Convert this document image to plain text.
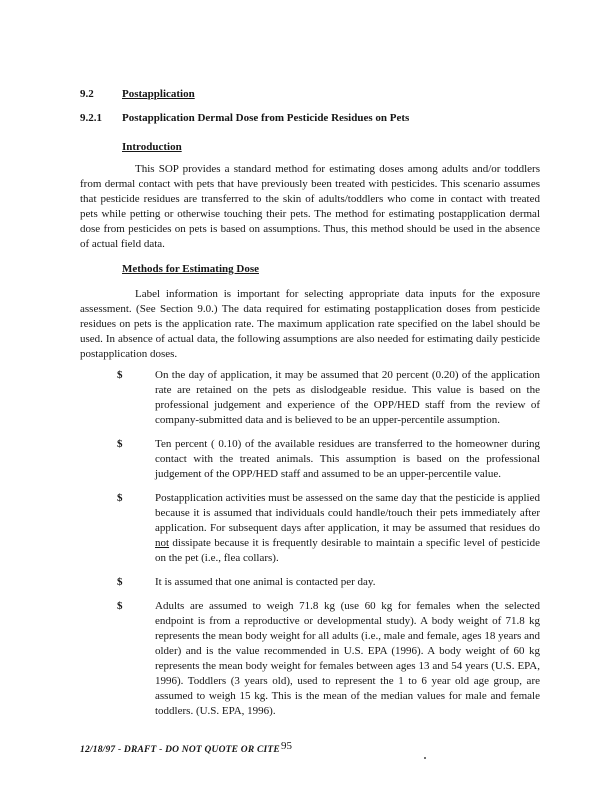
9.2	Postapplication
9.2.1	Postapplication Dermal Dose from Pesticide Residues on Pets
Introduction

This SOP provides a standard method for estimating doses among adults and/or toddlers from dermal contact with pets that have previously been treated with pesticides. This scenario assumes that pesticide residues are transferred to the skin of adults/toddlers who come in contact with treated pets while petting or otherwise touching their pets. The method for estimating postapplication dermal dose from pesticides on pets is based on assumptions. Thus, this method should be used in the absence of actual field data.

Methods for Estimating Dose

Label information is important for selecting appropriate data inputs for the exposure assessment. (See Section 9.0.) The data required for estimating postapplication doses from pesticide residues on pets is the application rate. The maximum application rate specified on the label should be used. In absence of actual data, the following assumptions are also needed for estimating daily pesticide postapplication doses.

$	On the day of application, it may be assumed that 20 percent (0.20) of the application rate are retained on the pets as dislodgeable residue. This value is based on the professional judgement and experience of the OPP/HED staff from the review of company-submitted data and is believed to be an upper-percentile assumption.
$	Ten percent ( 0.10) of the available residues are transferred to the homeowner during contact with the treated animals. This assumption is based on the professional judgement of the OPP/HED staff and assumed to be an upper-percentile value.
$	Postapplication activities must be assessed on the same day that the pesticide is applied because it is assumed that individuals could handle/touch their pets immediately after application. For subsequent days after application, it may be assumed that residues do not dissipate because it is frequently desirable to maintain a specific level of pesticide on the pet (i.e., flea collars).
$	It is assumed that one animal is contacted per day.
$	Adults are assumed to weigh 71.8 kg (use 60 kg for females when the selected endpoint is from a reproductive or developmental study). A body weight of 71.8 kg represents the mean body weight for all adults (i.e., male and female, ages 18 years and older) and is the value recommended in U.S. EPA (1996). A body weight of 60 kg represents the mean body weight for females between ages 13 and 54 years (U.S. EPA, 1996). Toddlers (3 years old), used to represent the 1 to 6 year old age group, are assumed to weigh 15 kg. This is the mean of the median values for male and female toddlers. (U.S. EPA, 1996).
12/18/97 - DRAFT - DO NOT QUOTE OR CITE 95
